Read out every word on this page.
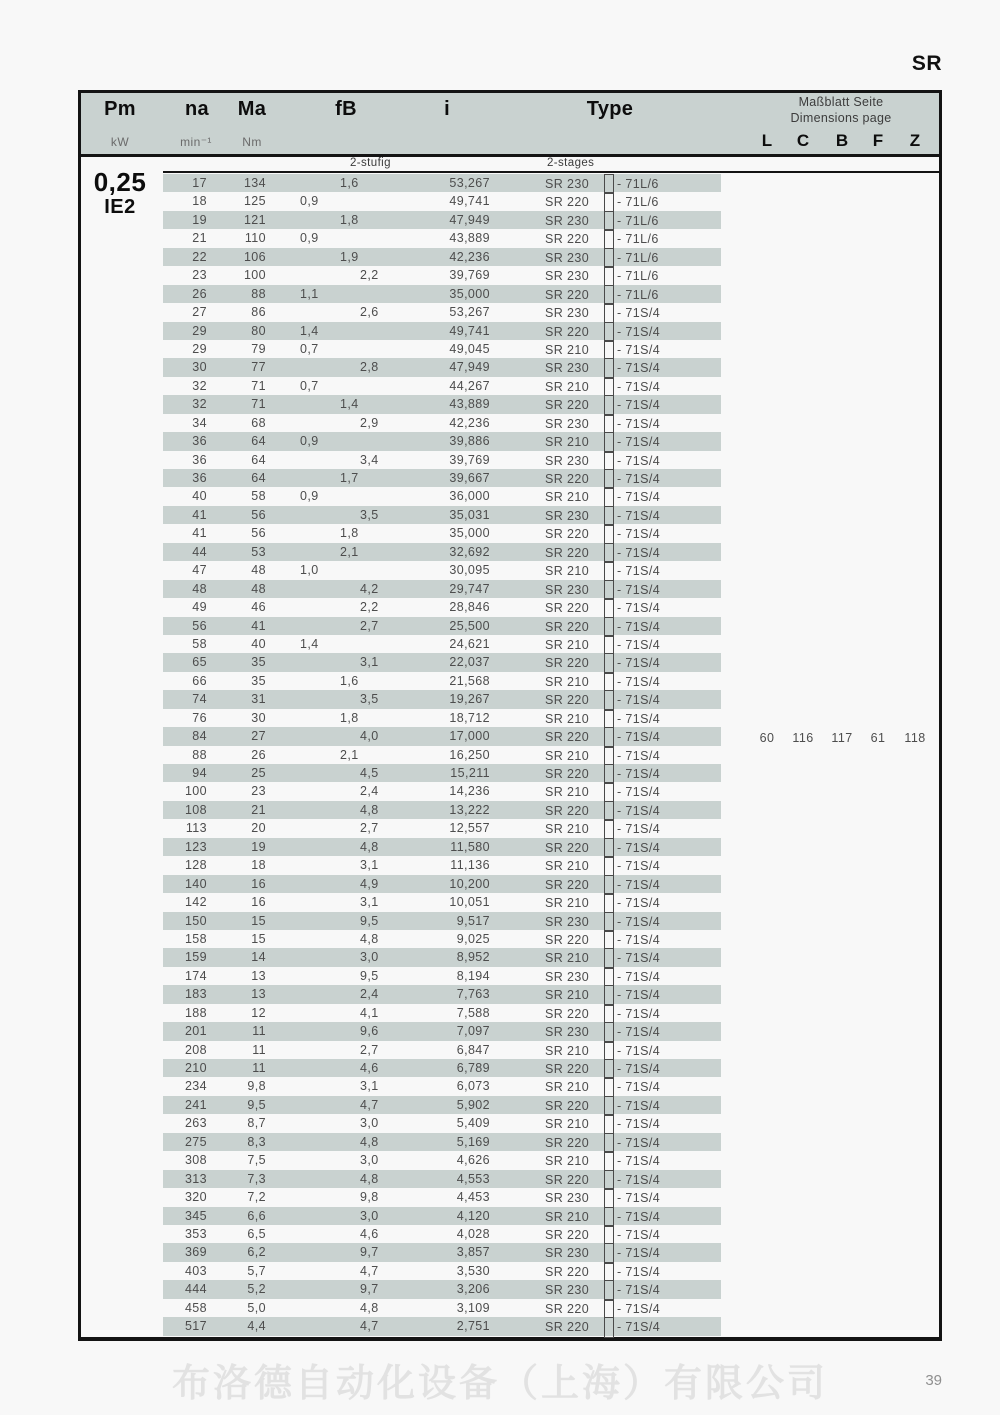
SR
Pm	na	Ma	fB	i	Type
kW	min⁻¹	Nm
Maßblatt Seite
Dimensions page
L	C	B	F	Z
2-stufig	2-stages
0,25
IE2
17	134	1,6	53,267	SR 230 - 71L/6
18	125	0,9	49,741	SR 220 - 71L/6
19	121	1,8	47,949	SR 230 - 71L/6
21	110	0,9	43,889	SR 220 - 71L/6
22	106	1,9	42,236	SR 230 - 71L/6
23	100	2,2	39,769	SR 230 - 71L/6
26	88	1,1	35,000	SR 220 - 71L/6
27	86	2,6	53,267	SR 230 - 71S/4
29	80	1,4	49,741	SR 220 - 71S/4
29	79	0,7	49,045	SR 210 - 71S/4
30	77	2,8	47,949	SR 230 - 71S/4
32	71	0,7	44,267	SR 210 - 71S/4
32	71	1,4	43,889	SR 220 - 71S/4
34	68	2,9	42,236	SR 230 - 71S/4
36	64	0,9	39,886	SR 210 - 71S/4
36	64	3,4	39,769	SR 230 - 71S/4
36	64	1,7	39,667	SR 220 - 71S/4
40	58	0,9	36,000	SR 210 - 71S/4
41	56	3,5	35,031	SR 230 - 71S/4
41	56	1,8	35,000	SR 220 - 71S/4
44	53	2,1	32,692	SR 220 - 71S/4
47	48	1,0	30,095	SR 210 - 71S/4
48	48	4,2	29,747	SR 230 - 71S/4
49	46	2,2	28,846	SR 220 - 71S/4
56	41	2,7	25,500	SR 220 - 71S/4
58	40	1,4	24,621	SR 210 - 71S/4
65	35	3,1	22,037	SR 220 - 71S/4
66	35	1,6	21,568	SR 210 - 71S/4
74	31	3,5	19,267	SR 220 - 71S/4
76	30	1,8	18,712	SR 210 - 71S/4
84	27	4,0	17,000	SR 220 - 71S/4
88	26	2,1	16,250	SR 210 - 71S/4
94	25	4,5	15,211	SR 220 - 71S/4
100	23	2,4	14,236	SR 210 - 71S/4
108	21	4,8	13,222	SR 220 - 71S/4
113	20	2,7	12,557	SR 210 - 71S/4
123	19	4,8	11,580	SR 220 - 71S/4
128	18	3,1	11,136	SR 210 - 71S/4
140	16	4,9	10,200	SR 220 - 71S/4
142	16	3,1	10,051	SR 210 - 71S/4
150	15	9,5	9,517	SR 230 - 71S/4
158	15	4,8	9,025	SR 220 - 71S/4
159	14	3,0	8,952	SR 210 - 71S/4
174	13	9,5	8,194	SR 230 - 71S/4
183	13	2,4	7,763	SR 210 - 71S/4
188	12	4,1	7,588	SR 220 - 71S/4
201	11	9,6	7,097	SR 230 - 71S/4
208	11	2,7	6,847	SR 210 - 71S/4
210	11	4,6	6,789	SR 220 - 71S/4
234	9,8	3,1	6,073	SR 210 - 71S/4
241	9,5	4,7	5,902	SR 220 - 71S/4
263	8,7	3,0	5,409	SR 210 - 71S/4
275	8,3	4,8	5,169	SR 220 - 71S/4
308	7,5	3,0	4,626	SR 210 - 71S/4
313	7,3	4,8	4,553	SR 220 - 71S/4
320	7,2	9,8	4,453	SR 230 - 71S/4
345	6,6	3,0	4,120	SR 210 - 71S/4
353	6,5	4,6	4,028	SR 220 - 71S/4
369	6,2	9,7	3,857	SR 230 - 71S/4
403	5,7	4,7	3,530	SR 220 - 71S/4
444	5,2	9,7	3,206	SR 230 - 71S/4
458	5,0	4,8	3,109	SR 220 - 71S/4
517	4,4	4,7	2,751	SR 220 - 71S/4
60	116	117	61	118
布洛德自动化设备（上海）有限公司	39
